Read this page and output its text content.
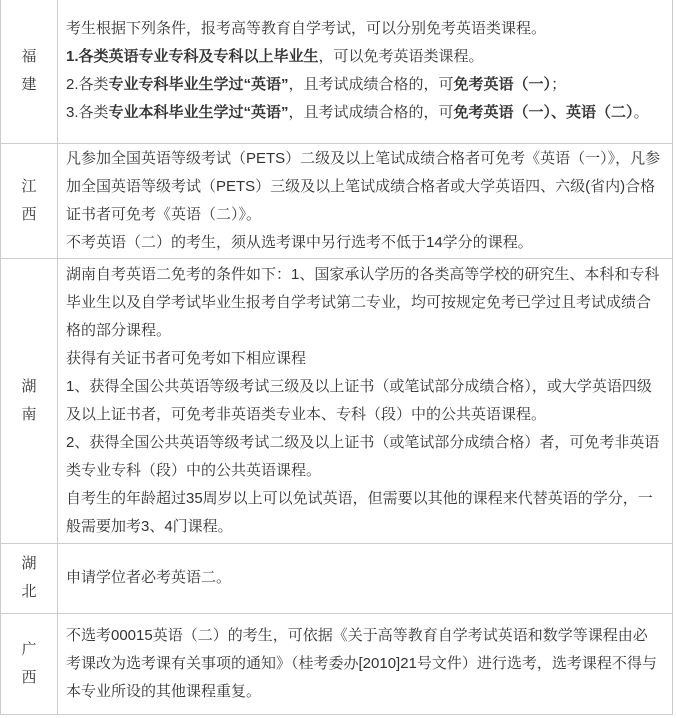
福建	考生根据下列条件，报考高等教育自学考试，可以分别免考英语类课程。

1.各类英语专业专科及专科以上毕业生，可以免考英语类课程。

2.各类专业专科毕业生学过“英语”，且考试成绩合格的，可免考英语（一）；

3.各类专业本科毕业生学过“英语”，且考试成绩合格的，可免考英语（一）、英语（二）。

江西	凡参加全国英语等级考试（PETS）二级及以上笔试成绩合格者可免考《英语（一）》，凡参加全国英语等级考试（PETS）三级及以上笔试成绩合格者或大学英语四、六级(省内)合格证书者可免考《英语（二）》。

不考英语（二）的考生，须从选考课中另行选考不低于14学分的课程。

湖南	湖南自考英语二免考的条件如下：1、国家承认学历的各类高等学校的研究生、本科和专科毕业生以及自学考试毕业生报考自学考试第二专业，均可按规定免考已学过且考试成绩合格的部分课程。

获得有关证书者可免考如下相应课程

1、获得全国公共英语等级考试三级及以上证书（或笔试部分成绩合格），或大学英语四级及以上证书者，可免考非英语类专业本、专科（段）中的公共英语课程。

2、获得全国公共英语等级考试二级及以上证书（或笔试部分成绩合格）者，可免考非英语类专业专科（段）中的公共英语课程。

自考生的年龄超过35周岁以上可以免试英语，但需要以其他的课程来代替英语的学分，一般需要加考3、4门课程。

湖北	申请学位者必考英语二。

广西	不选考00015英语（二）的考生，可依据《关于高等教育自学考试英语和数学等课程由必考课改为选考课有关事项的通知》（桂考委办[2010]21号文件）进行选考，选考课程不得与本专业所设的其他课程重复。
